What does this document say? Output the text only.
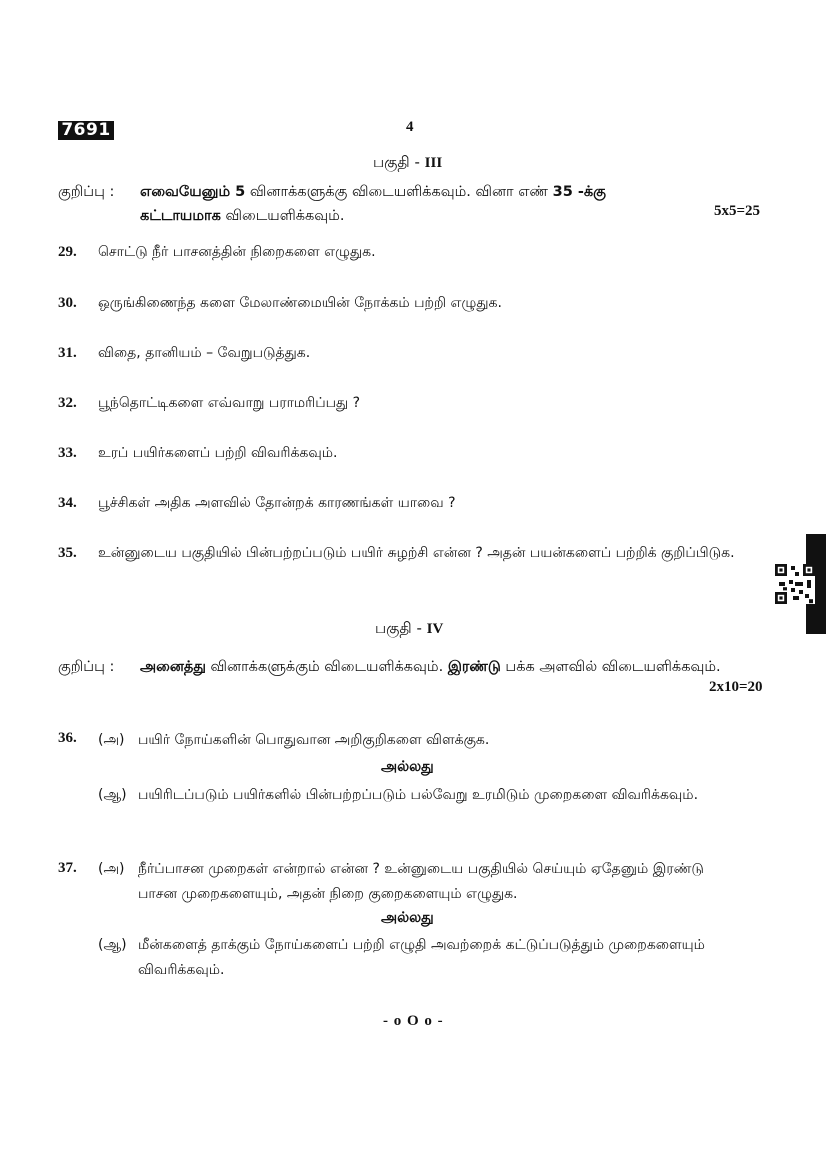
7691	4
பகுதி - III
குறிப்பு : எவையேனும் 5 வினாக்களுக்கு விடையளிக்கவும். வினா எண் 35 -க்கு
கட்டாயமாக விடையளிக்கவும்.	5x5=25
29. சொட்டு நீர் பாசனத்தின் நிறைகளை எழுதுக.
30. ஒருங்கிணைந்த களை மேலாண்மையின் நோக்கம் பற்றி எழுதுக.
31. விதை, தானியம் – வேறுபடுத்துக.
32. பூந்தொட்டிகளை எவ்வாறு பராமரிப்பது ?
33. உரப் பயிர்களைப் பற்றி விவரிக்கவும்.
34. பூச்சிகள் அதிக அளவில் தோன்றக் காரணங்கள் யாவை ?
35. உன்னுடைய பகுதியில் பின்பற்றப்படும் பயிர் சுழற்சி என்ன ? அதன் பயன்களைப் பற்றிக் குறிப்பிடுக.
பகுதி - IV
குறிப்பு : அனைத்து வினாக்களுக்கும் விடையளிக்கவும். இரண்டு பக்க அளவில் விடையளிக்கவும்.
2x10=20
36. (அ) பயிர் நோய்களின் பொதுவான அறிகுறிகளை விளக்குக.
அல்லது
(ஆ) பயிரிடப்படும் பயிர்களில் பின்பற்றப்படும் பல்வேறு உரமிடும் முறைகளை விவரிக்கவும்.
37. (அ) நீர்ப்பாசன முறைகள் என்றால் என்ன ? உன்னுடைய பகுதியில் செய்யும் ஏதேனும் இரண்டு பாசன முறைகளையும், அதன் நிறை குறைகளையும் எழுதுக.
அல்லது
(ஆ) மீன்களைத் தாக்கும் நோய்களைப் பற்றி எழுதி அவற்றைக் கட்டுப்படுத்தும் முறைகளையும் விவரிக்கவும்.
- o O o -
